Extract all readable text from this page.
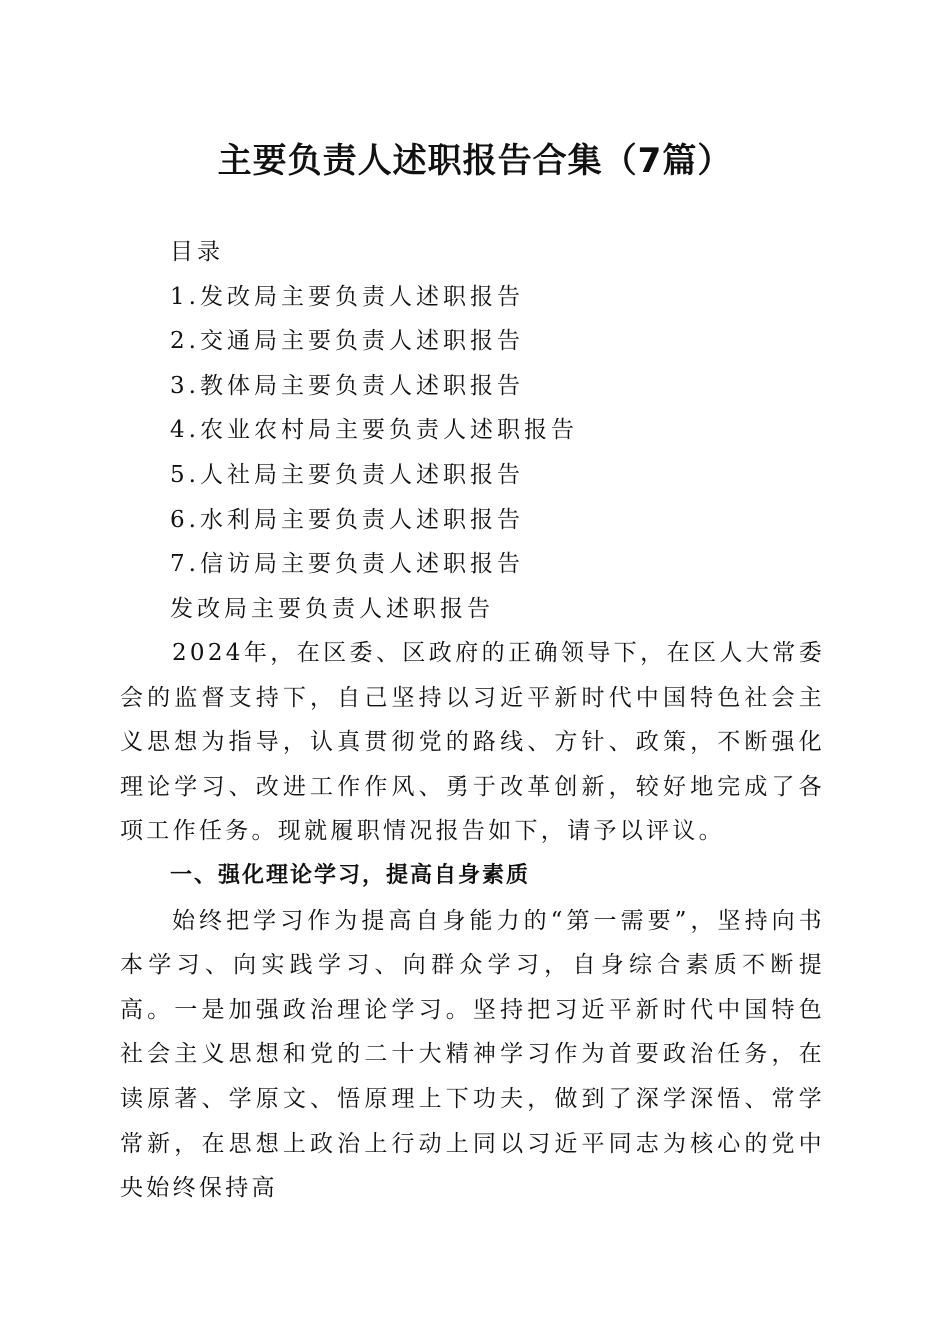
主要负责人述职报告合集（7篇）
目录
1.发改局主要负责人述职报告
2.交通局主要负责人述职报告
3.教体局主要负责人述职报告
4.农业农村局主要负责人述职报告
5.人社局主要负责人述职报告
6.水利局主要负责人述职报告
7.信访局主要负责人述职报告
发改局主要负责人述职报告

2024年，在区委、区政府的正确领导下，在区人大常委会的监督支持下，自己坚持以习近平新时代中国特色社会主义思想为指导，认真贯彻党的路线、方针、政策，不断强化理论学习、改进工作作风、勇于改革创新，较好地完成了各项工作任务。现就履职情况报告如下，请予以评议。

一、强化理论学习，提高自身素质

始终把学习作为提高自身能力的“第一需要”，坚持向书本学习、向实践学习、向群众学习，自身综合素质不断提高。一是加强政治理论学习。坚持把习近平新时代中国特色社会主义思想和党的二十大精神学习作为首要政治任务，在读原著、学原文、悟原理上下功夫，做到了深学深悟、常学常新，在思想上政治上行动上同以习近平同志为核心的党中央始终保持高
